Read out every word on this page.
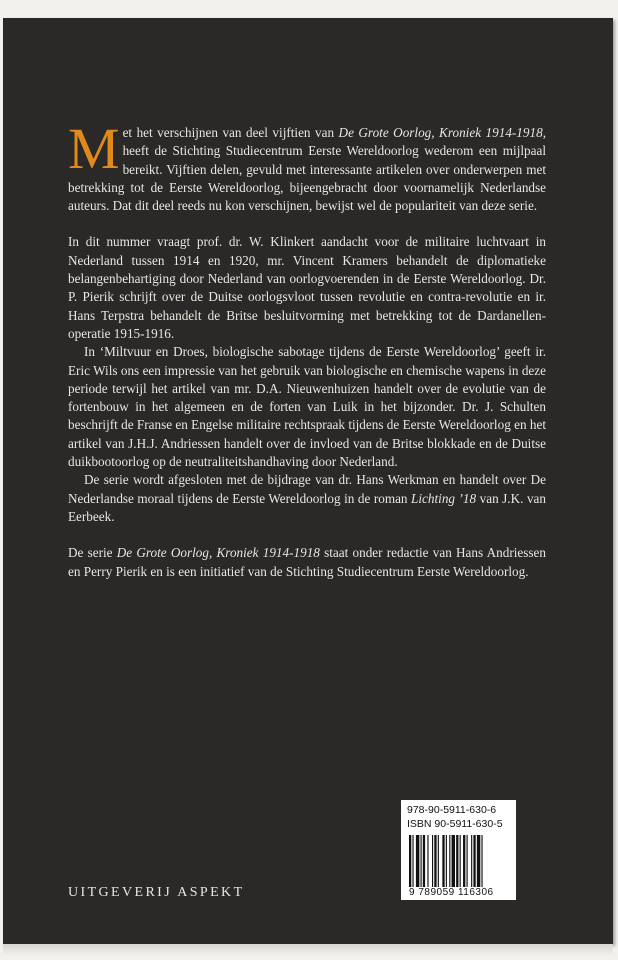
Met het verschijnen van deel vijftien van De Grote Oorlog, Kroniek 1914-1918, heeft de Stichting Studiecentrum Eerste Wereldoorlog wederom een mijlpaal bereikt. Vijftien delen, gevuld met interessante artikelen over onderwerpen met betrekking tot de Eerste Wereldoorlog, bijeengebracht door voornamelijk Nederlandse auteurs. Dat dit deel reeds nu kon verschijnen, bewijst wel de populariteit van deze serie.

In dit nummer vraagt prof. dr. W. Klinkert aandacht voor de militaire luchtvaart in Nederland tussen 1914 en 1920, mr. Vincent Kramers behandelt de diplomatieke belangenbehartiging door Nederland van oorlogvoerenden in de Eerste Wereldoorlog. Dr. P. Pierik schrijft over de Duitse oorlogsvloot tussen revolutie en contra-revolutie en ir. Hans Terpstra behandelt de Britse besluitvorming met betrekking tot de Dardanellen-operatie 1915-1916.

In ‘Miltvuur en Droes, biologische sabotage tijdens de Eerste Wereldoorlog’ geeft ir. Eric Wils ons een impressie van het gebruik van biologische en chemische wapens in deze periode terwijl het artikel van mr. D.A. Nieuwenhuizen handelt over de evolutie van de fortenbouw in het algemeen en de forten van Luik in het bijzonder. Dr. J. Schulten beschrijft de Franse en Engelse militaire rechtspraak tijdens de Eerste Wereldoorlog en het artikel van J.H.J. Andriessen handelt over de invloed van de Britse blokkade en de Duitse duikbootoorlog op de neutraliteitshandhaving door Nederland.

De serie wordt afgesloten met de bijdrage van dr. Hans Werkman en handelt over De Nederlandse moraal tijdens de Eerste Wereldoorlog in de roman Lichting ’18 van J.K. van Eerbeek.

De serie De Grote Oorlog, Kroniek 1914-1918 staat onder redactie van Hans Andriessen en Perry Pierik en is een initiatief van de Stichting Studiecentrum Eerste Wereldoorlog.

UITGEVERIJ ASPEKT
978-90-5911-630-6
ISBN 90-5911-630-5
9 789059 116306
